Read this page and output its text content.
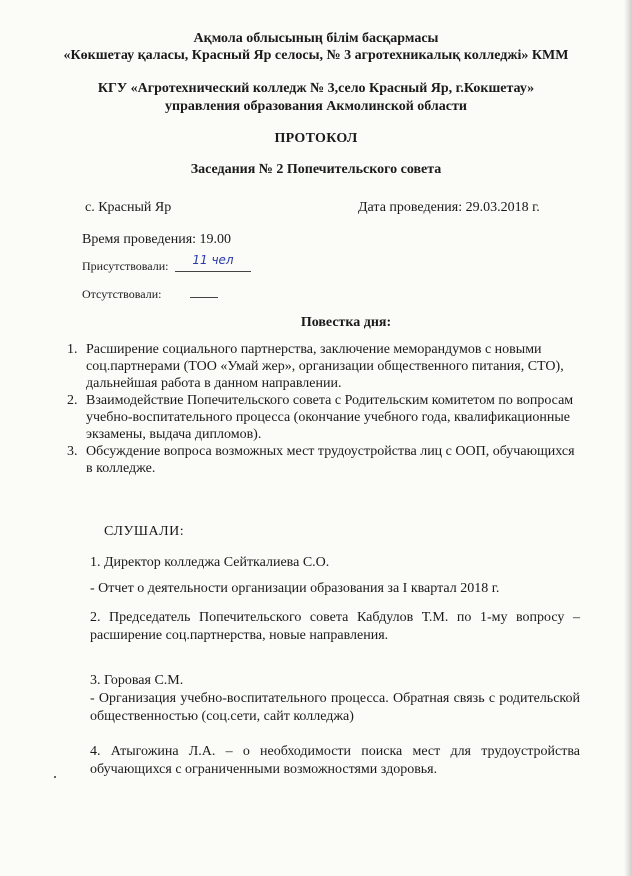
Ақмола облысының білім басқармасы
«Көкшетау қаласы, Красный Яр селосы, № 3 агротехникалық колледжі» КММ
КГУ «Агротехнический колледж № 3,село Красный Яр, г.Кокшетау»
управления образования Акмолинской области
ПРОТОКОЛ
Заседания № 2 Попечительского совета
с. Красный Яр	Дата проведения: 29.03.2018 г.
Время проведения: 19.00
Присутствовали:	11 чел
Отсутствовали:
Повестка дня:
1. Расширение социального партнерства, заключение меморандумов с новыми соц.партнерами (ТОО «Умай жер», организации общественного питания, СТО), дальнейшая работа в данном направлении.
2. Взаимодействие Попечительского совета с Родительским комитетом по вопросам учебно-воспитательного процесса (окончание учебного года, квалификационные экзамены, выдача дипломов).
3. Обсуждение вопроса возможных мест трудоустройства лиц с ООП, обучающихся в колледже.
СЛУШАЛИ:
1. Директор колледжа Сейткалиева С.О.
- Отчет о деятельности организации образования за I квартал 2018 г.
2. Председатель Попечительского совета Кабдулов Т.М. по 1-му вопросу – расширение соц.партнерства, новые направления.
3. Горовая С.М.
- Организация учебно-воспитательного процесса. Обратная связь с родительской общественностью (соц.сети, сайт колледжа)
4. Атыгожина Л.А. – о необходимости поиска мест для трудоустройства обучающихся с ограниченными возможностями здоровья.
